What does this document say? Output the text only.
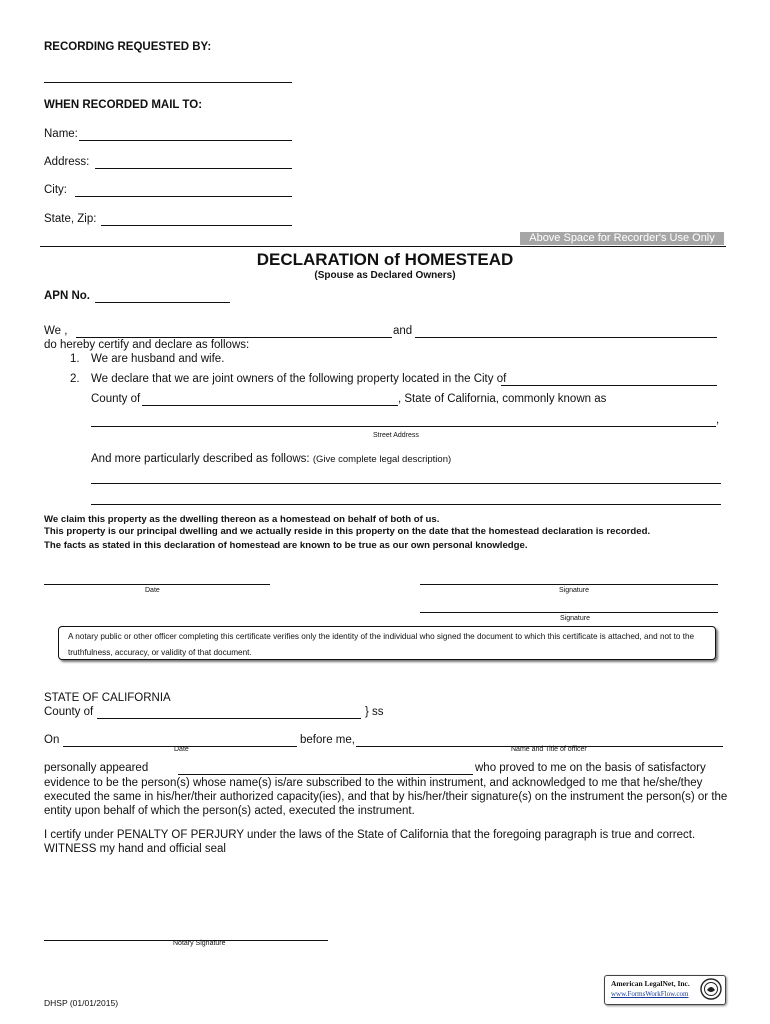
RECORDING REQUESTED BY:
WHEN RECORDED MAIL TO:
Name:
Address:
City:
State, Zip:
Above Space for Recorder's Use Only
DECLARATION of HOMESTEAD
(Spouse as Declared Owners)
APN No.
We ,	and
do hereby certify and declare as follows:
1. We are husband and wife.
2. We declare that we are joint owners of the following property located in the City of
County of	, State of California, commonly known as
,
Street Address
And more particularly described as follows: (Give complete legal description)
We claim this property as the dwelling thereon as a homestead on behalf of both of us.
This property is our principal dwelling and we actually reside in this property on the date that the homestead declaration is recorded.
The facts as stated in this declaration of homestead are known to be true as our own personal knowledge.
Date	Signature
Signature
A notary public or other officer completing this certificate verifies only the identity of the individual who signed the document to which this certificate is attached, and not to the truthfulness, accuracy, or validity of that document.
STATE OF CALIFORNIA
County of	} ss
On
Date
before me,
Name and Title of officer
personally appeared	who proved to me on the basis of satisfactory
evidence to be the person(s) whose name(s) is/are subscribed to the within instrument, and acknowledged to me that he/she/they executed the same in his/her/their authorized capacity(ies), and that by his/her/their signature(s) on the instrument the person(s) or the entity upon behalf of which the person(s) acted, executed the instrument.
I certify under PENALTY OF PERJURY under the laws of the State of California that the foregoing paragraph is true and correct.
WITNESS my hand and official seal
Notary Signature
DHSP (01/01/2015)
American LegalNet, Inc.
www.FormsWorkFlow.com
